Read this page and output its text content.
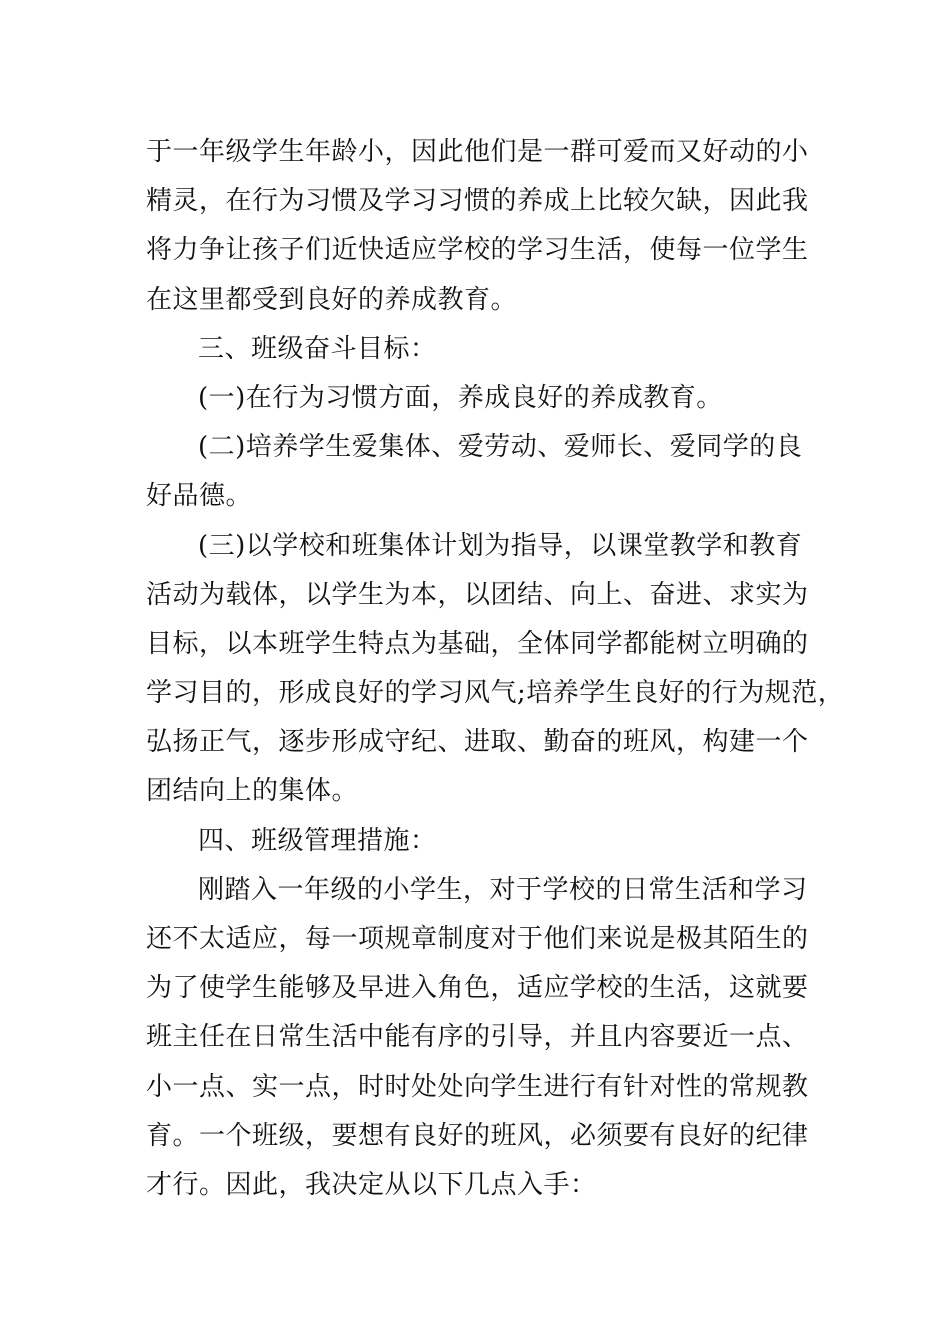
于一年级学生年龄小，因此他们是一群可爱而又好动的小
精灵，在行为习惯及学习习惯的养成上比较欠缺，因此我
将力争让孩子们近快适应学校的学习生活，使每一位学生
在这里都受到良好的养成教育。
三、班级奋斗目标：
(一)在行为习惯方面，养成良好的养成教育。
(二)培养学生爱集体、爱劳动、爱师长、爱同学的良
好品德。
(三)以学校和班集体计划为指导，以课堂教学和教育
活动为载体，以学生为本，以团结、向上、奋进、求实为
目标，以本班学生特点为基础，全体同学都能树立明确的
学习目的，形成良好的学习风气;培养学生良好的行为规范，
弘扬正气，逐步形成守纪、进取、勤奋的班风，构建一个
团结向上的集体。
四、班级管理措施：
刚踏入一年级的小学生，对于学校的日常生活和学习
还不太适应，每一项规章制度对于他们来说是极其陌生的
为了使学生能够及早进入角色，适应学校的生活，这就要
班主任在日常生活中能有序的引导，并且内容要近一点、
小一点、实一点，时时处处向学生进行有针对性的常规教
育。一个班级，要想有良好的班风，必须要有良好的纪律
才行。因此，我决定从以下几点入手：
